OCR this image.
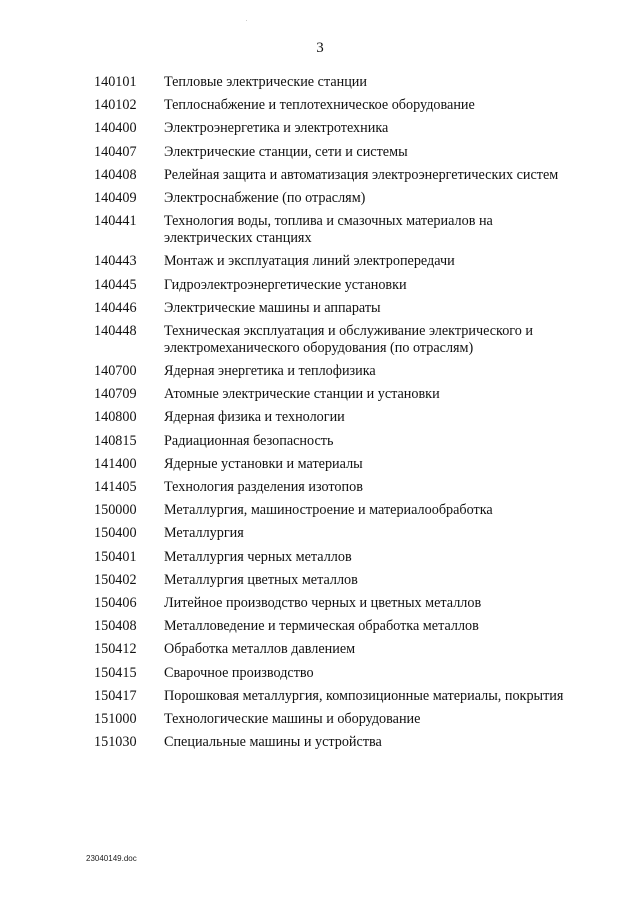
3
140101	Тепловые электрические станции
140102	Теплоснабжение и теплотехническое оборудование
140400	Электроэнергетика и электротехника
140407	Электрические станции, сети и системы
140408	Релейная защита и автоматизация электроэнергетических систем
140409	Электроснабжение (по отраслям)
140441	Технология воды, топлива и смазочных материалов на электрических станциях
140443	Монтаж и эксплуатация линий электропередачи
140445	Гидроэлектроэнергетические установки
140446	Электрические машины и аппараты
140448	Техническая эксплуатация и обслуживание электрического и электромеханического оборудования (по отраслям)
140700	Ядерная энергетика и теплофизика
140709	Атомные электрические станции и установки
140800	Ядерная физика и технологии
140815	Радиационная безопасность
141400	Ядерные установки и материалы
141405	Технология разделения изотопов
150000	Металлургия, машиностроение и материалообработка
150400	Металлургия
150401	Металлургия черных металлов
150402	Металлургия цветных металлов
150406	Литейное производство черных и цветных металлов
150408	Металловедение и термическая обработка металлов
150412	Обработка металлов давлением
150415	Сварочное производство
150417	Порошковая металлургия, композиционные материалы, покрытия
151000	Технологические машины и оборудование
151030	Специальные машины и устройства
23040149.doc
